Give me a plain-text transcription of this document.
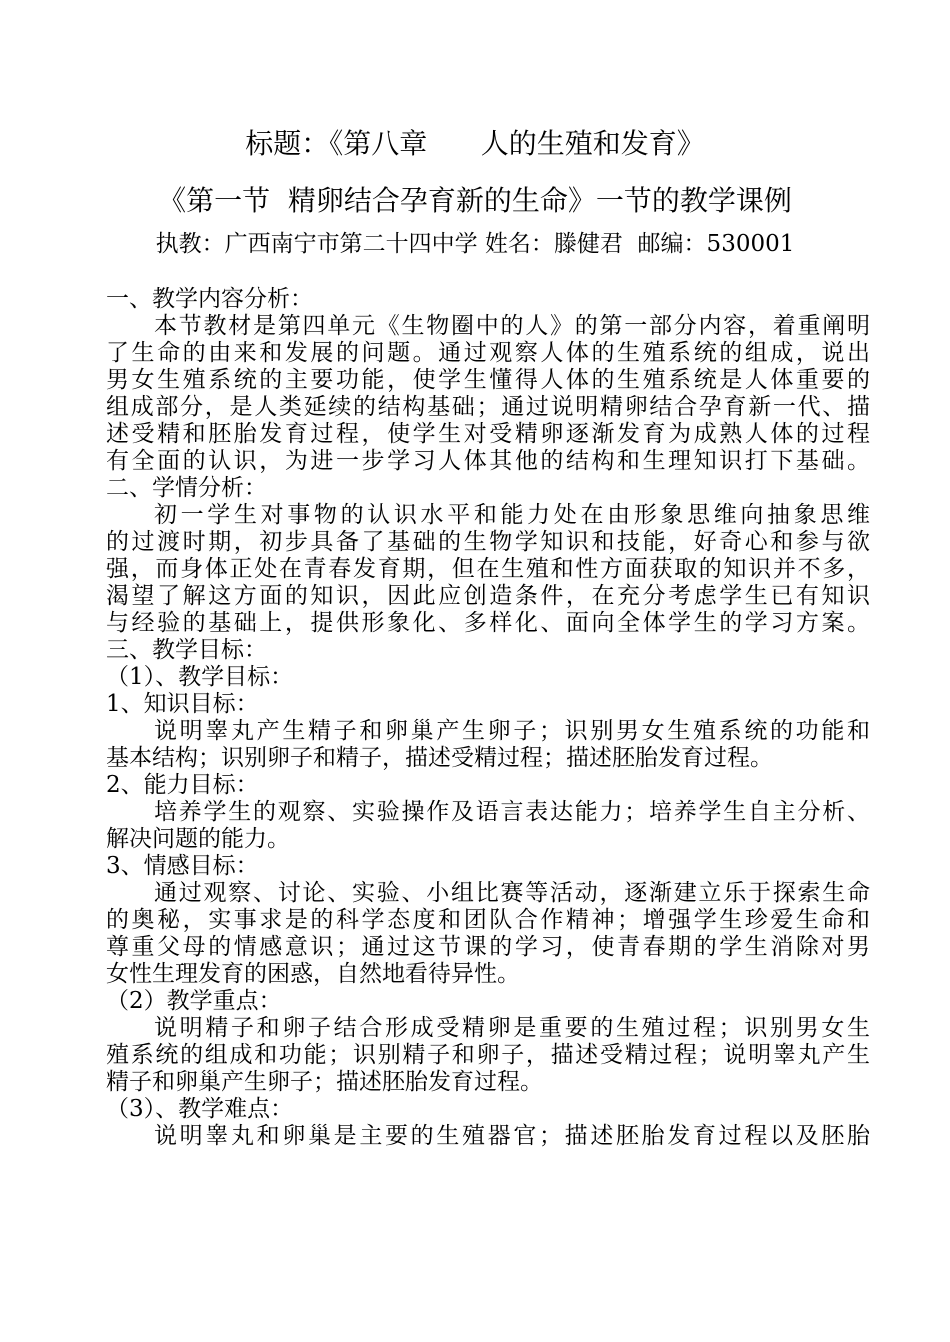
标题：《第八章      人的生殖和发育》
《第一节  精卵结合孕育新的生命》一节的教学课例
执教：广西南宁市第二十四中学 姓名：滕健君  邮编：530001
一、教学内容分析：
本节教材是第四单元《生物圈中的人》的第一部分内容，着重阐明
了生命的由来和发展的问题。通过观察人体的生殖系统的组成，说出
男女生殖系统的主要功能，使学生懂得人体的生殖系统是人体重要的
组成部分，是人类延续的结构基础；通过说明精卵结合孕育新一代、描
述受精和胚胎发育过程，使学生对受精卵逐渐发育为成熟人体的过程
有全面的认识，为进一步学习人体其他的结构和生理知识打下基础。
二、学情分析：
初一学生对事物的认识水平和能力处在由形象思维向抽象思维
的过渡时期，初步具备了基础的生物学知识和技能，好奇心和参与欲
强，而身体正处在青春发育期，但在生殖和性方面获取的知识并不多，
渴望了解这方面的知识，因此应创造条件，在充分考虑学生已有知识
与经验的基础上，提供形象化、多样化、面向全体学生的学习方案。
三、教学目标：
（1）、教学目标：
1、知识目标：
说明睾丸产生精子和卵巢产生卵子；识别男女生殖系统的功能和
基本结构；识别卵子和精子，描述受精过程；描述胚胎发育过程。
2、能力目标：
培养学生的观察、实验操作及语言表达能力；培养学生自主分析、
解决问题的能力。
3、情感目标：
通过观察、讨论、实验、小组比赛等活动，逐渐建立乐于探索生命
的奥秘，实事求是的科学态度和团队合作精神；增强学生珍爱生命和
尊重父母的情感意识；通过这节课的学习，使青春期的学生消除对男
女性生理发育的困惑，自然地看待异性。
（2）教学重点：
说明精子和卵子结合形成受精卵是重要的生殖过程；识别男女生
殖系统的组成和功能；识别精子和卵子，描述受精过程；说明睾丸产生
精子和卵巢产生卵子；描述胚胎发育过程。
（3）、教学难点：
说明睾丸和卵巢是主要的生殖器官；描述胚胎发育过程以及胚胎
